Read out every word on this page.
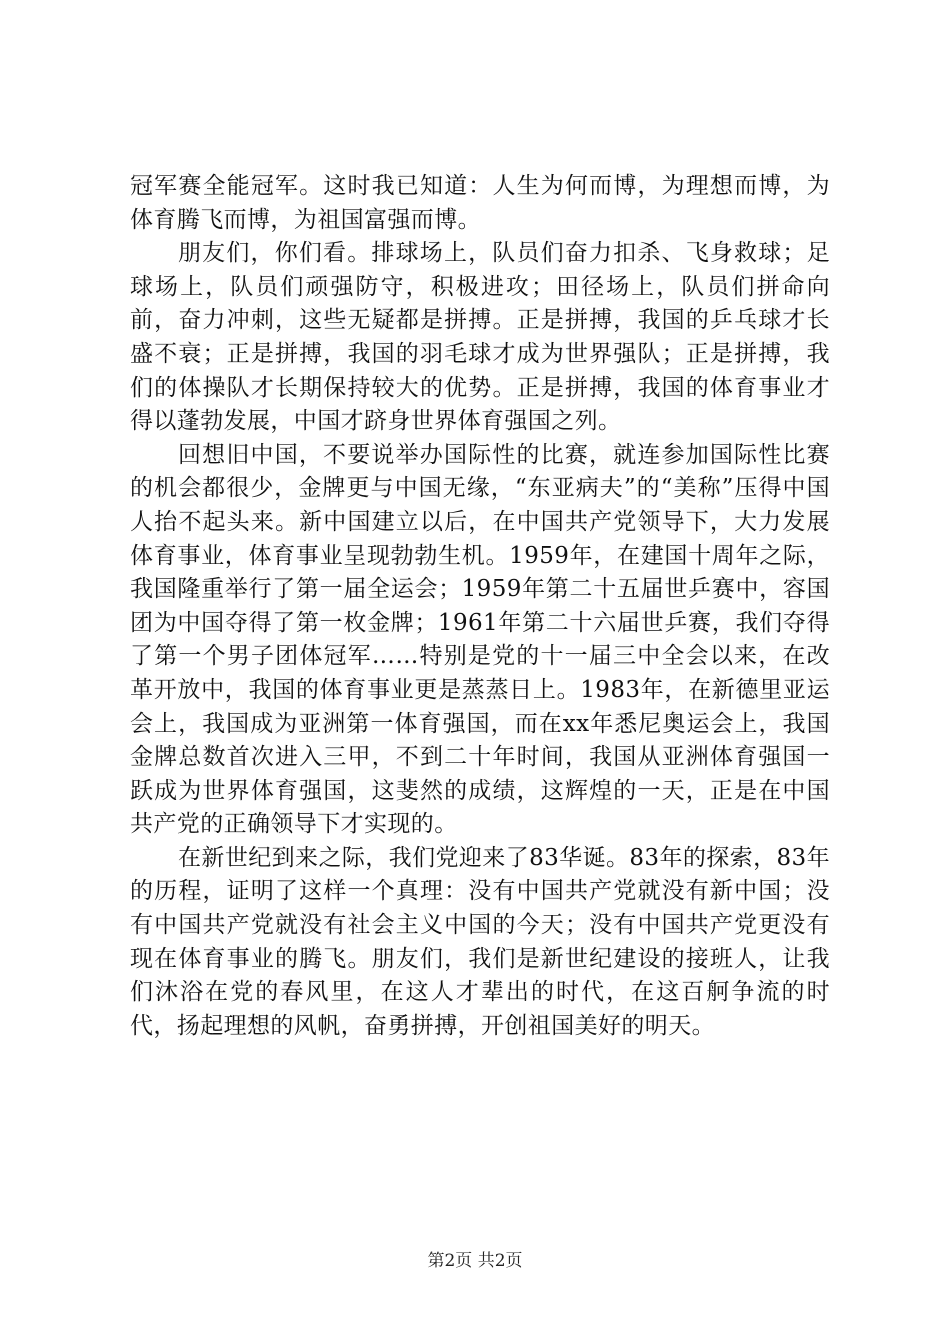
冠军赛全能冠军。这时我已知道：人生为何而博，为理想而博，为体育腾飞而博，为祖国富强而博。

朋友们，你们看。排球场上，队员们奋力扣杀、飞身救球；足球场上，队员们顽强防守，积极进攻；田径场上，队员们拼命向前，奋力冲刺，这些无疑都是拼搏。正是拼搏，我国的乒乓球才长盛不衰；正是拼搏，我国的羽毛球才成为世界强队；正是拼搏，我们的体操队才长期保持较大的优势。正是拼搏，我国的体育事业才得以蓬勃发展，中国才跻身世界体育强国之列。

回想旧中国，不要说举办国际性的比赛，就连参加国际性比赛的机会都很少，金牌更与中国无缘，“东亚病夫”的“美称”压得中国人抬不起头来。新中国建立以后，在中国共产党领导下，大力发展体育事业，体育事业呈现勃勃生机。1959年，在建国十周年之际，我国隆重举行了第一届全运会；1959年第二十五届世乒赛中，容国团为中国夺得了第一枚金牌；1961年第二十六届世乒赛，我们夺得了第一个男子团体冠军……特别是党的十一届三中全会以来，在改革开放中，我国的体育事业更是蒸蒸日上。1983年，在新德里亚运会上，我国成为亚洲第一体育强国，而在xx年悉尼奥运会上，我国金牌总数首次进入三甲，不到二十年时间，我国从亚洲体育强国一跃成为世界体育强国，这斐然的成绩，这辉煌的一天，正是在中国共产党的正确领导下才实现的。

在新世纪到来之际，我们党迎来了83华诞。83年的探索，83年的历程，证明了这样一个真理：没有中国共产党就没有新中国；没有中国共产党就没有社会主义中国的今天；没有中国共产党更没有现在体育事业的腾飞。朋友们，我们是新世纪建设的接班人，让我们沐浴在党的春风里，在这人才辈出的时代，在这百舸争流的时代，扬起理想的风帆，奋勇拼搏，开创祖国美好的明天。

第2页 共2页
